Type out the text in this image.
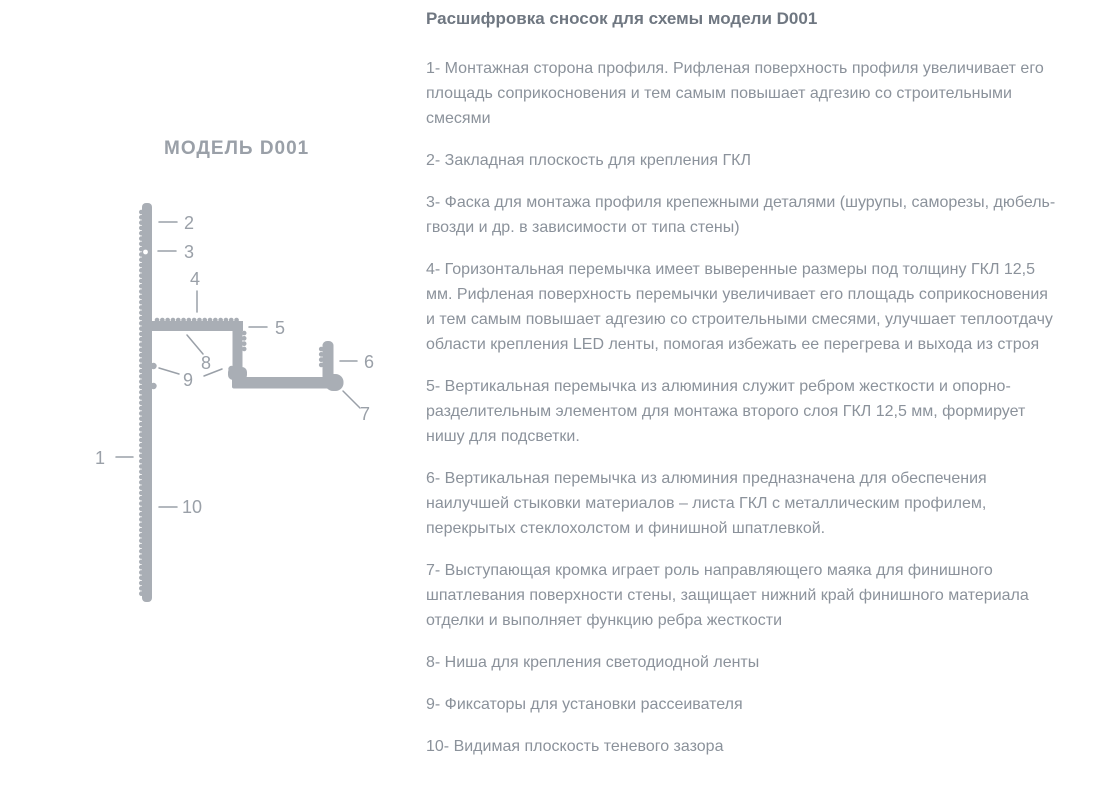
МОДЕЛЬ D001
1
2
3
4
5
6
7
8
9
10
Расшифровка сносок для схемы модели D001

1- Монтажная сторона профиля. Рифленая поверхность профиля увеличивает его площадь соприкосновения и тем самым повышает адгезию со строительными смесями

2- Закладная плоскость для крепления ГКЛ

3- Фаска для монтажа профиля крепежными деталями (шурупы, саморезы, дюбель-гвозди и др. в зависимости от типа стены)

4- Горизонтальная перемычка имеет выверенные размеры под толщину ГКЛ 12,5 мм. Рифленая поверхность перемычки увеличивает его площадь соприкосновения и тем самым повышает адгезию со строительными смесями, улучшает теплоотдачу области крепления LED ленты, помогая избежать ее перегрева и выхода из строя

5- Вертикальная перемычка из алюминия служит ребром жесткости и опорно-разделительным элементом для монтажа второго слоя ГКЛ 12,5 мм, формирует нишу для подсветки.

6- Вертикальная перемычка из алюминия предназначена для обеспечения наилучшей стыковки материалов – листа ГКЛ с металлическим профилем, перекрытых стеклохолстом и финишной шпатлевкой.

7- Выступающая кромка играет роль направляющего маяка для финишного шпатлевания поверхности стены, защищает нижний край финишного материала отделки и выполняет функцию ребра жесткости

8- Ниша для крепления светодиодной ленты

9- Фиксаторы для установки рассеивателя

10- Видимая плоскость теневого зазора
